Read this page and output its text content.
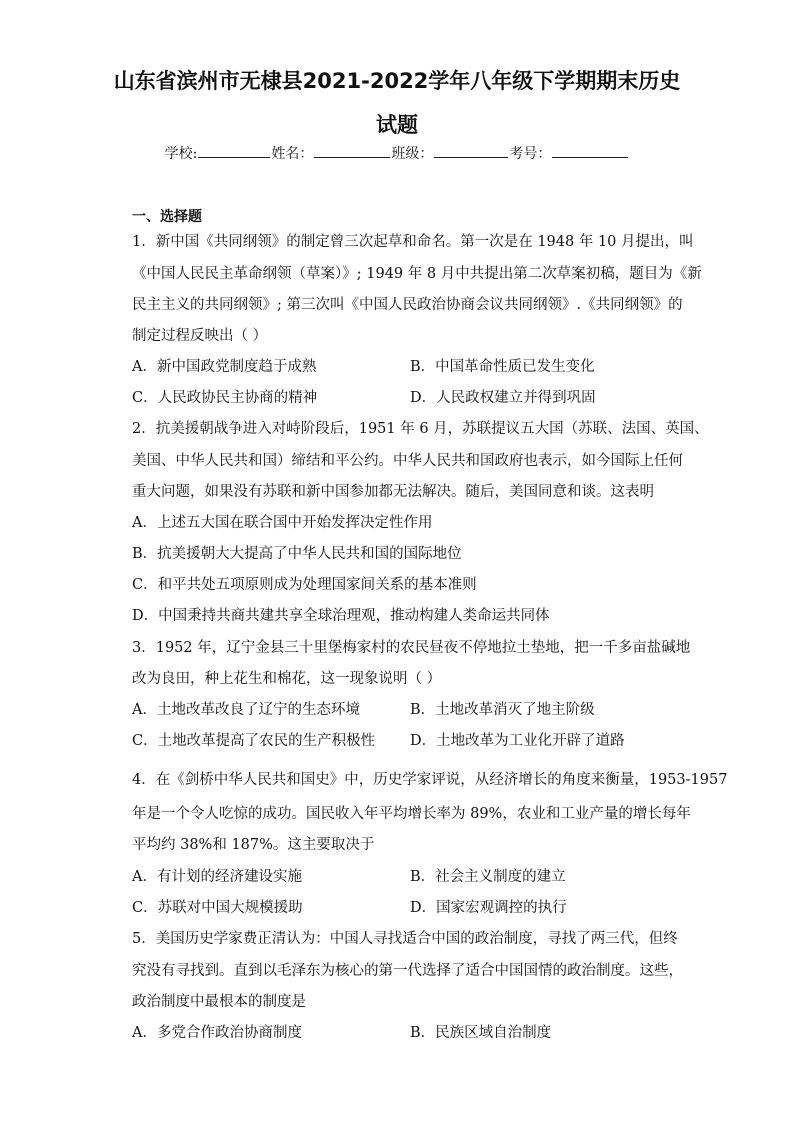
山东省滨州市无棣县2021-2022学年八年级下学期期末历史
试题
学校:	姓名：	班级：	考号：
一、选择题
1．新中国《共同纲领》的制定曾三次起草和命名。第一次是在 1948 年 10 月提出，叫
《中国人民民主革命纲领（草案）》; 1949 年 8 月中共提出第二次草案初稿，题目为《新
民主主义的共同纲领》; 第三次叫《中国人民政治协商会议共同纲领》.《共同纲领》的
制定过程反映出（ ）
A．新中国政党制度趋于成熟	B．中国革命性质已发生变化
C．人民政协民主协商的精神	D．人民政权建立并得到巩固
2．抗美援朝战争进入对峙阶段后，1951 年 6 月，苏联提议五大国（苏联、法国、英国、
美国、中华人民共和国）缔结和平公约。中华人民共和国政府也表示，如今国际上任何
重大问题，如果没有苏联和新中国参加都无法解决。随后，美国同意和谈。这表明
A．上述五大国在联合国中开始发挥决定性作用
B．抗美援朝大大提高了中华人民共和国的国际地位
C．和平共处五项原则成为处理国家间关系的基本准则
D．中国秉持共商共建共享全球治理观，推动构建人类命运共同体
3．1952 年，辽宁金县三十里堡梅家村的农民昼夜不停地拉土垫地，把一千多亩盐碱地
改为良田，种上花生和棉花，这一现象说明（ ）
A．土地改革改良了辽宁的生态环境	B．土地改革消灭了地主阶级
C．土地改革提高了农民的生产积极性 D．土地改革为工业化开辟了道路
4．在《剑桥中华人民共和国史》中，历史学家评说，从经济增长的角度来衡量，1953-1957
年是一个令人吃惊的成功。国民收入年平均增长率为 89%，农业和工业产量的增长每年
平均约 38%和 187%。这主要取决于
A．有计划的经济建设实施	B．社会主义制度的建立
C．苏联对中国大规模援助	D．国家宏观调控的执行
5．美国历史学家费正清认为：中国人寻找适合中国的政治制度，寻找了两三代，但终
究没有寻找到。直到以毛泽东为核心的第一代选择了适合中国国情的政治制度。这些，
政治制度中最根本的制度是
A．多党合作政治协商制度	B．民族区域自治制度
